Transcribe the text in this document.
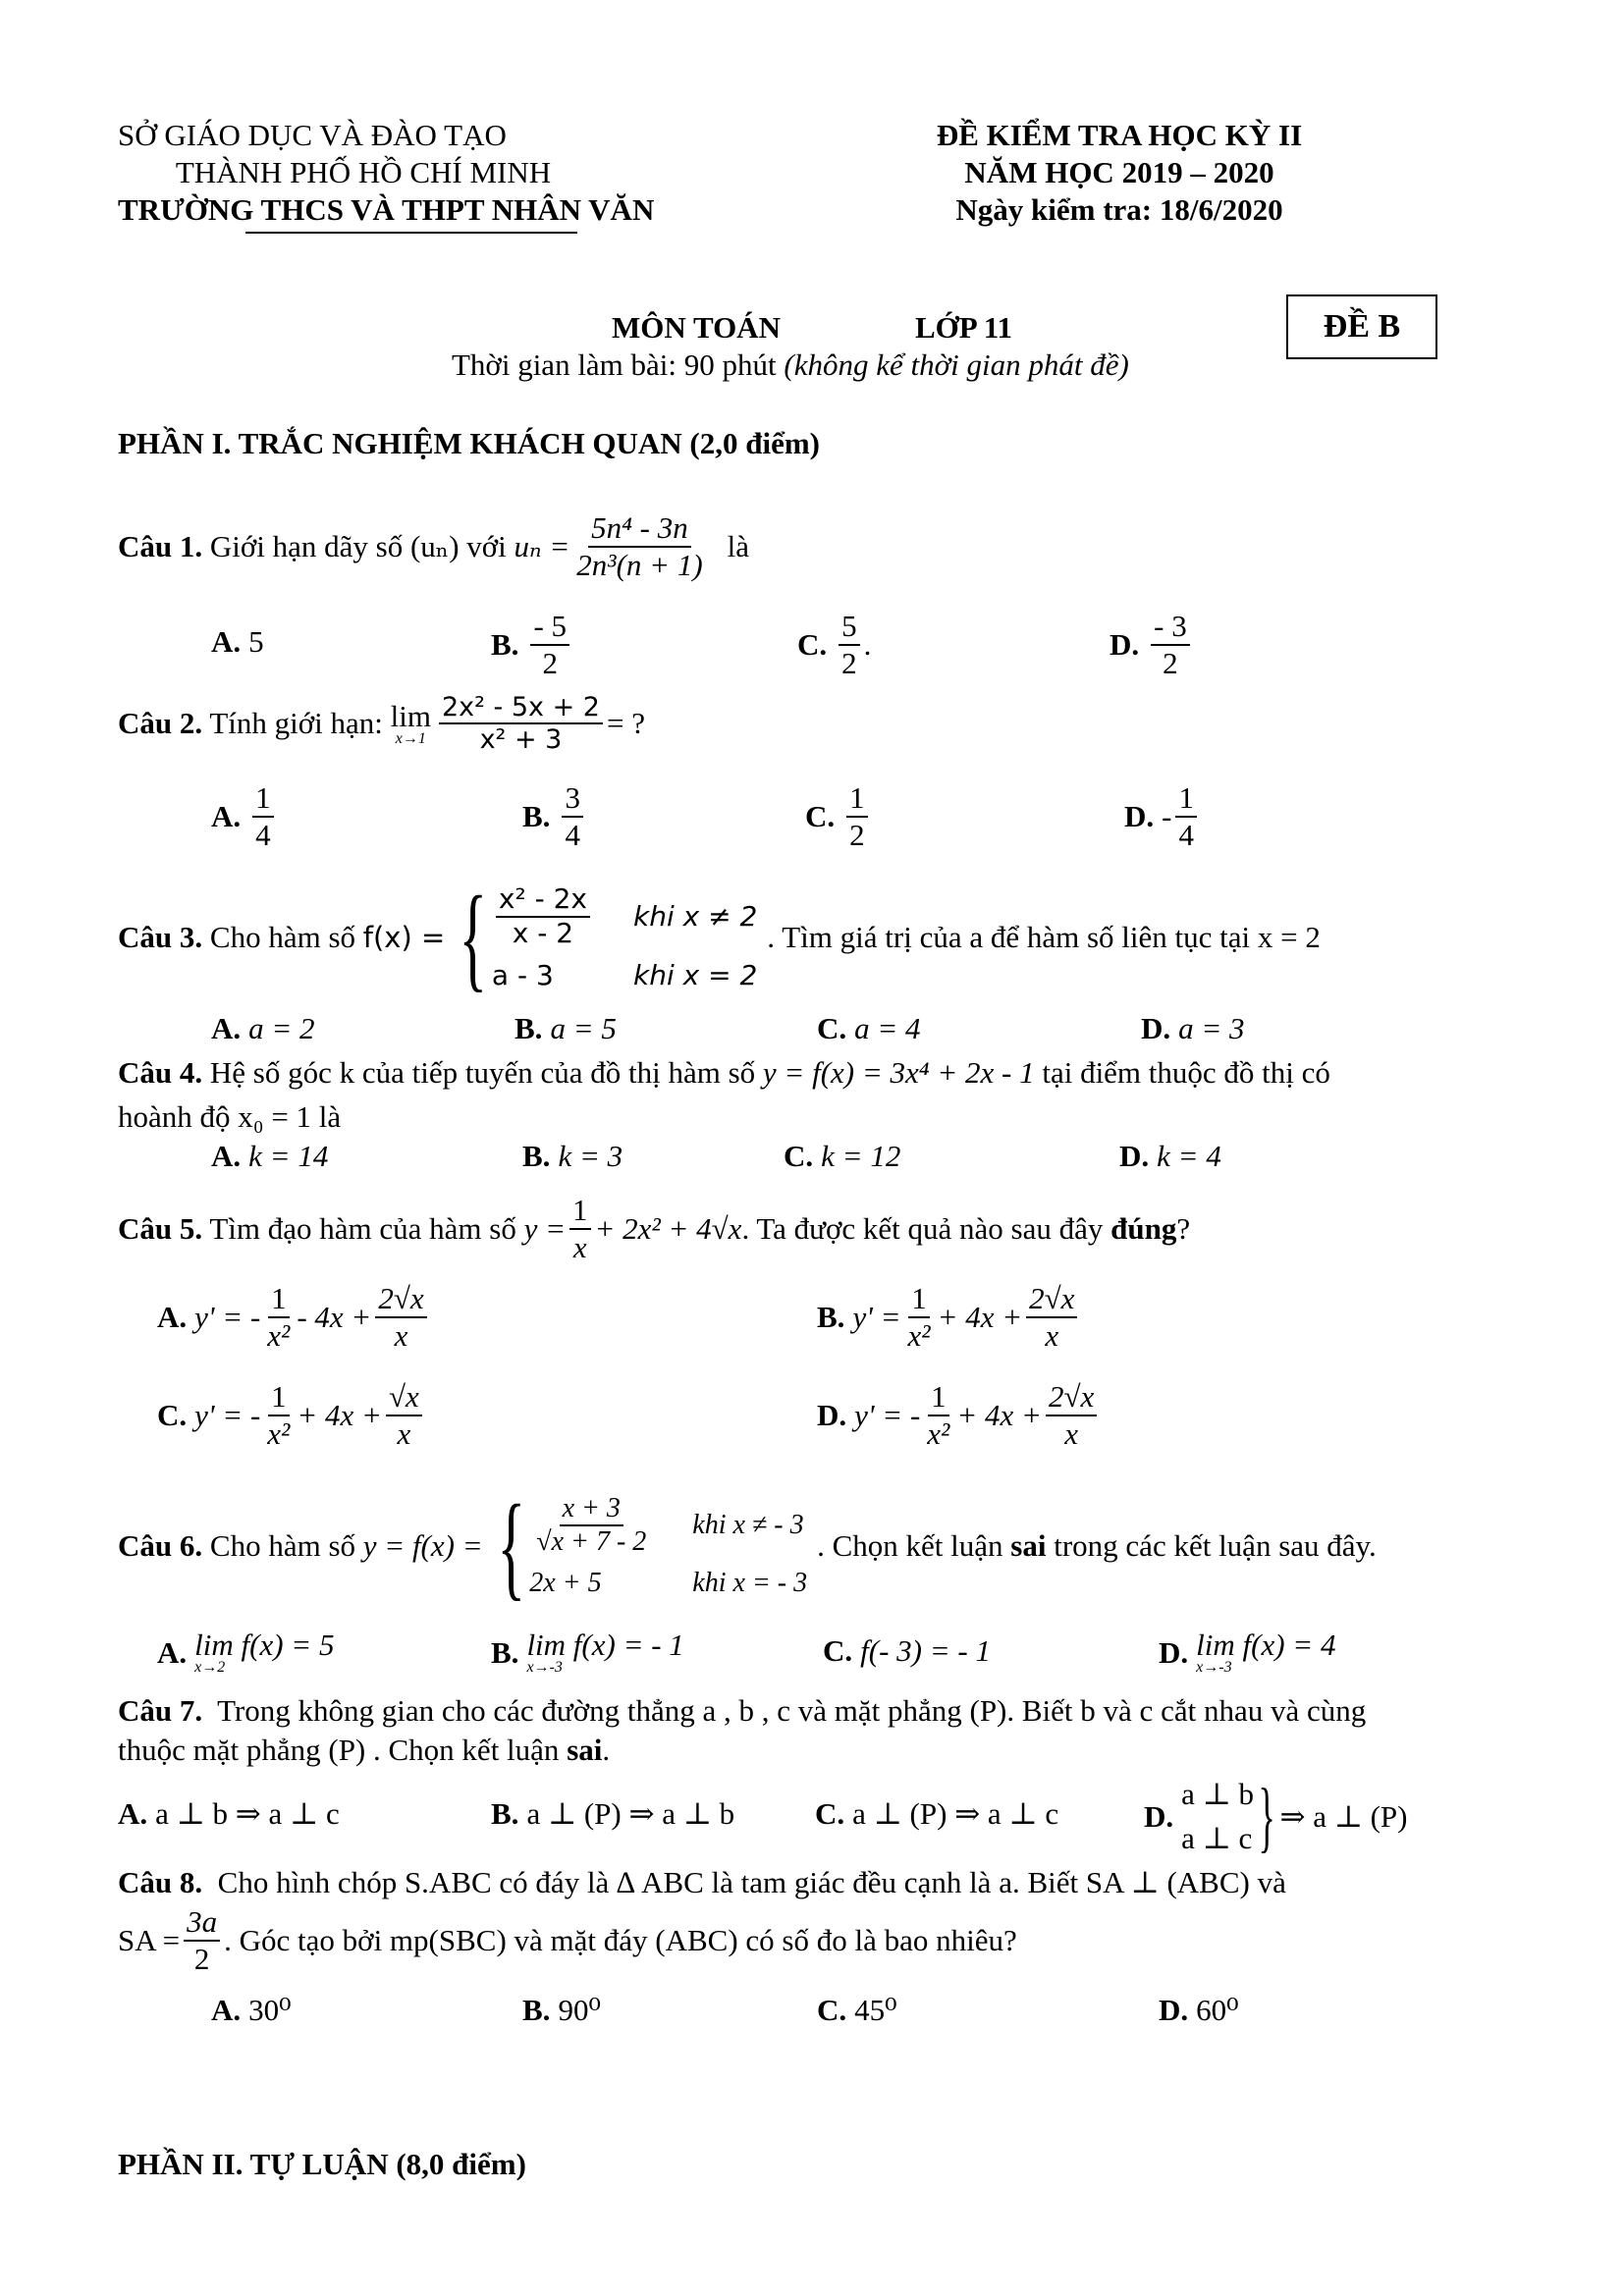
SỞ GIÁO DỤC VÀ ĐÀO TẠO
THÀNH PHỐ HỒ CHÍ MINH
TRƯỜNG THCS VÀ THPT NHÂN VĂN
ĐỀ KIỂM TRA HỌC KỲ II
NĂM HỌC 2019 – 2020
Ngày kiểm tra: 18/6/2020
MÔN TOÁN	LỚP 11	ĐỀ B
Thời gian làm bài: 90 phút (không kể thời gian phát đề)
PHẦN I. TRẮC NGHIỆM KHÁCH QUAN (2,0 điểm)
Câu 1. Giới hạn dãy số (uₙ) với $u_n = \frac{\text{5n⁴ - 3n}}{\text{2n³(n + 1)}}$ là
A. 5	B. $\frac{- 5}{2}$	C. $\frac{5}{2}$ .	D. $\frac{- 3}{2}$
Câu 2. Tính giới hạn: lim
$x\to 1 \frac{\text{2x² - 5x + 2}}{\text{x² + 3}}$ = ?
A. $\frac{1}{4}$	B. $\frac{3}{4}$	C. $\frac{1}{2}$	D. - $\frac{1}{4}$
Câu 3. Cho hàm số f(x) = { $\frac{\text{x² - 2x}}{x - 2}$ khi x ≠ 2
a - 3	khi x = 2
. Tìm giá trị của a để hàm số liên tục tại x = 2
A. a = 2	B. a = 5	C. a = 4	D. a = 3
Câu 4. Hệ số góc k của tiếp tuyến của đồ thị hàm số y = f(x) = 3x⁴ + 2x - 1 tại điểm thuộc đồ thị có
hoành độ x₀ = 1 là
A. k = 14	B. k = 3	C. k = 12	D. k = 4
Câu 5. Tìm đạo hàm của hàm số $y = \frac{1}{x} + 2x^2 + 4√x$ . Ta được kết quả nào sau đây đúng ?
A. y' = - $\frac{1}{\text{x²}} - 4x + \frac{2√x}{x}$	B. $y' = \frac{1}{\text{x²}} + 4x + \frac{2√x}{x}$
C. y' = - $\frac{1}{\text{x²}} + 4x + \frac{√x}{x}$	D. y' = - $\frac{1}{\text{x²}} + 4x + \frac{2√x}{x}$
Câu 6. Cho hàm số y = f(x) = { $\frac{x + 3}{√x + 7 - 2}$ khi x ≠ - 3
2x + 5	khi x = - 3
. Chọn kết luận sai trong các kết luận sau đây.
A. lim f(x) = 5
x→2	B. lim f(x) = - 1
x→-3	C. f(- 3) = - 1	D. lim f(x) = 4
x→-3
Câu 7.  Trong không gian cho các đường thẳng a , b , c và mặt phẳng (P). Biết b và c cắt nhau và cùng
thuộc mặt phẳng (P) . Chọn kết luận sai.
A. a ⊥ b ⇒ a ⊥ c	B. a ⊥ (P) ⇒ a ⊥ b	C. a ⊥ (P) ⇒ a ⊥ c	D.
a ⊥ b
a ⊥ c } ⇒ a ⊥ (P)
Câu 8.  Cho hình chóp S.ABC có đáy là ∆ ABC là tam giác đều cạnh là a. Biết SA ⊥ (ABC) và
SA = $\frac{3a}{2}$ . Góc tạo bởi mp(SBC) và mặt đáy (ABC) có số đo là bao nhiêu?
A. 30⁰	B. 90⁰	C. 45⁰	D. 60⁰
PHẦN II. TỰ LUẬN (8,0 điểm)
